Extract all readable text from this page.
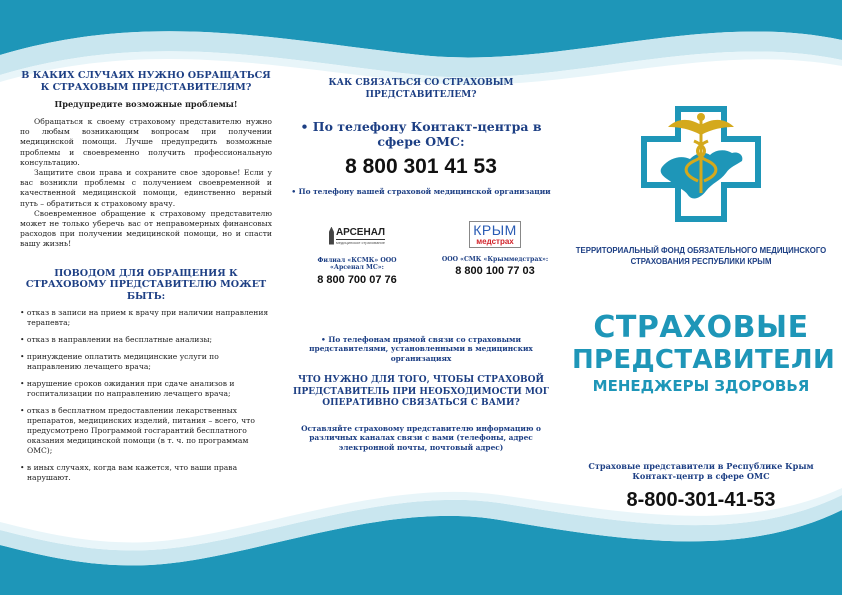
В КАКИХ СЛУЧАЯХ НУЖНО ОБРАЩАТЬСЯ К СТРАХОВЫМ ПРЕДСТАВИТЕЛЯМ?
Предупредите возможные проблемы!

Обращаться к своему страховому представителю нужно по любым возникающим вопросам при получении медицинской помощи. Лучше предупредить возможные проблемы и своевременно получить профессиональную консультацию.

Защитите свои права и сохраните свое здоровье! Если у вас возникли проблемы с получением своевременной и качественной медицинской помощи, единственно верный путь – обратиться к страховому врачу.

Своевременное обращение к страховому представителю может не только уберечь вас от неправомерных финансовых расходов при получении медицинской помощи, но и спасти вашу жизнь!

ПОВОДОМ ДЛЯ ОБРАЩЕНИЯ К СТРАХОВОМУ ПРЕДСТАВИТЕЛЮ МОЖЕТ БЫТЬ:
• отказ в записи на прием к врачу при наличии направления терапевта;
• отказ в направлении на бесплатные анализы;
• принуждение оплатить медицинские услуги по направлению лечащего врача;
• нарушение сроков ожидания при сдаче анализов и госпитализации по направлению лечащего врача;
• отказ в бесплатном предоставлении лекарственных препаратов, медицинских изделий, питания – всего, что предусмотрено Программой госгарантий бесплатного оказания медицинской помощи (в т. ч. по программам ОМС);
• в иных случаях, когда вам кажется, что ваши права нарушают.
КАК СВЯЗАТЬСЯ СО СТРАХОВЫМ ПРЕДСТАВИТЕЛЕМ?
• По телефону Контакт-центра в сфере ОМС:
8 800 301 41 53
• По телефону вашей страховой медицинской организации
АРСЕНАЛ
медицинское страхование
Филиал «КСМК» ООО «Арсенал МС»:
8 800 700 07 76
КРЫМ
медстрах
ООО «СМК «Крыммедстрах»:
8 800 100 77 03
• По телефонам прямой связи со страховыми представителями, установленными в медицинских организациях
ЧТО НУЖНО ДЛЯ ТОГО, ЧТОБЫ СТРАХОВОЙ ПРЕДСТАВИТЕЛЬ ПРИ НЕОБХОДИМОСТИ МОГ ОПЕРАТИВНО СВЯЗАТЬСЯ С ВАМИ?
Оставляйте страховому представителю информацию о различных каналах связи с вами (телефоны, адрес электронной почты, почтовый адрес)
ТЕРРИТОРИАЛЬНЫЙ ФОНД ОБЯЗАТЕЛЬНОГО МЕДИЦИНСКОГО СТРАХОВАНИЯ РЕСПУБЛИКИ КРЫМ
СТРАХОВЫЕ
ПРЕДСТАВИТЕЛИ
МЕНЕДЖЕРЫ ЗДОРОВЬЯ
Страховые представители в Республике Крым Контакт-центр в сфере ОМС
8-800-301-41-53
